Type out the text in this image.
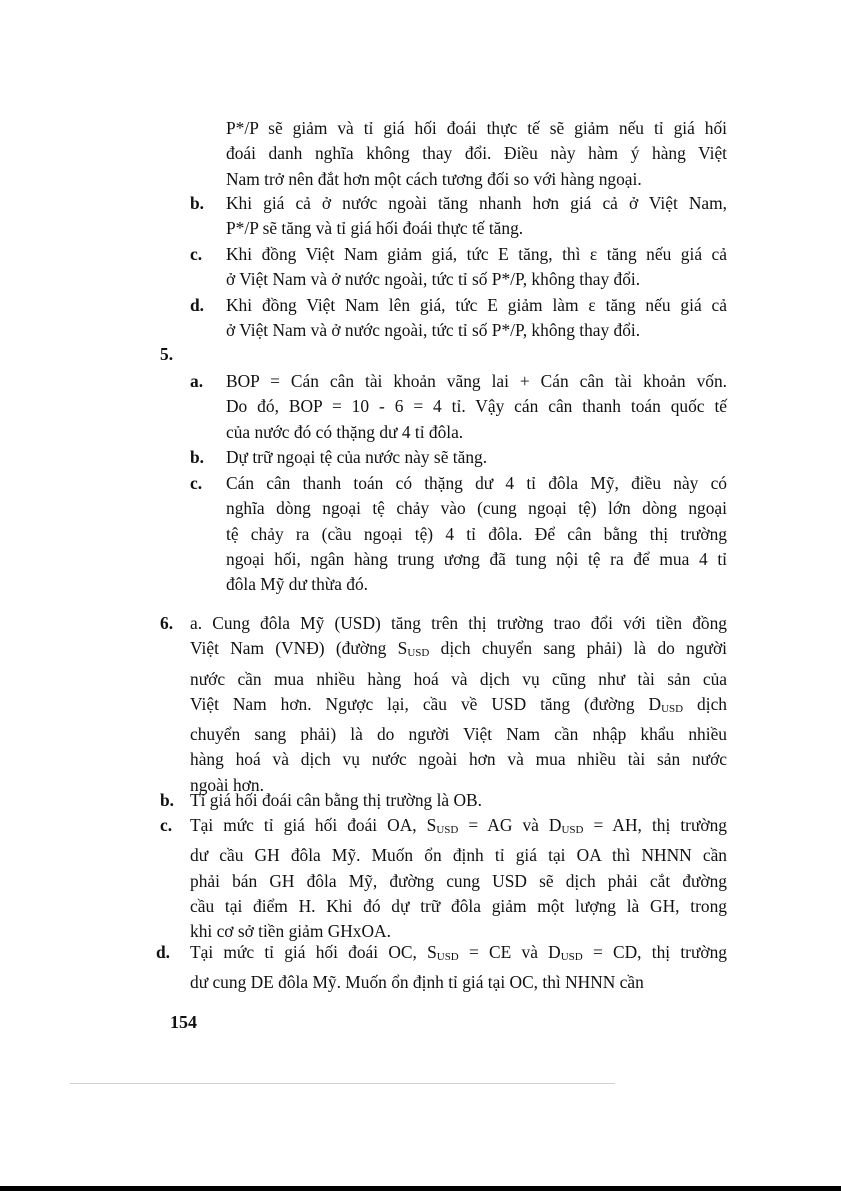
P*/P sẽ giảm và tỉ giá hối đoái thực tế sẽ giảm nếu tỉ giá hối
đoái danh nghĩa không thay đổi. Điều này hàm ý hàng Việt
Nam trở nên đắt hơn một cách tương đối so với hàng ngoại.
b. Khi giá cả ở nước ngoài tăng nhanh hơn giá cả ở Việt Nam,
P*/P sẽ tăng và tỉ giá hối đoái thực tế tăng.
c. Khi đồng Việt Nam giảm giá, tức E tăng, thì ε tăng nếu giá cả
ở Việt Nam và ở nước ngoài, tức tỉ số P*/P, không thay đổi.
d. Khi đồng Việt Nam lên giá, tức E giảm làm ε tăng nếu giá cả
ở Việt Nam và ở nước ngoài, tức tỉ số P*/P, không thay đổi.
5.
a. BOP = Cán cân tài khoản vãng lai + Cán cân tài khoản vốn.
Do đó, BOP = 10 - 6 = 4 tỉ. Vậy cán cân thanh toán quốc tế
của nước đó có thặng dư 4 tỉ đôla.
b. Dự trữ ngoại tệ của nước này sẽ tăng.
c. Cán cân thanh toán có thặng dư 4 tỉ đôla Mỹ, điều này có
nghĩa dòng ngoại tệ chảy vào (cung ngoại tệ) lớn dòng ngoại
tệ chảy ra (cầu ngoại tệ) 4 tỉ đôla. Để cân bằng thị trường
ngoại hối, ngân hàng trung ương đã tung nội tệ ra để mua 4 tỉ
đôla Mỹ dư thừa đó.
6. a. Cung đôla Mỹ (USD) tăng trên thị trường trao đổi với tiền đồng
Việt Nam (VNĐ) (đường SUSD dịch chuyển sang phải) là do người
nước cần mua nhiều hàng hoá và dịch vụ cũng như tài sản của
Việt Nam hơn. Ngược lại, cầu về USD tăng (đường DUSD dịch
chuyển sang phải) là do người Việt Nam cần nhập khẩu nhiều
hàng hoá và dịch vụ nước ngoài hơn và mua nhiều tài sản nước
ngoài hơn.
b. Tỉ giá hối đoái cân bằng thị trường là OB.
c. Tại mức tỉ giá hối đoái OA, SUSD = AG và DUSD = AH, thị trường
dư cầu GH đôla Mỹ. Muốn ổn định tỉ giá tại OA thì NHNN cần
phải bán GH đôla Mỹ, đường cung USD sẽ dịch phải cắt đường
cầu tại điểm H. Khi đó dự trữ đôla giảm một lượng là GH, trong
khi cơ sở tiền giảm GHxOA.
d. Tại mức tỉ giá hối đoái OC, SUSD = CE và DUSD = CD, thị trường
dư cung DE đôla Mỹ. Muốn ổn định tỉ giá tại OC, thì NHNN cần
154
